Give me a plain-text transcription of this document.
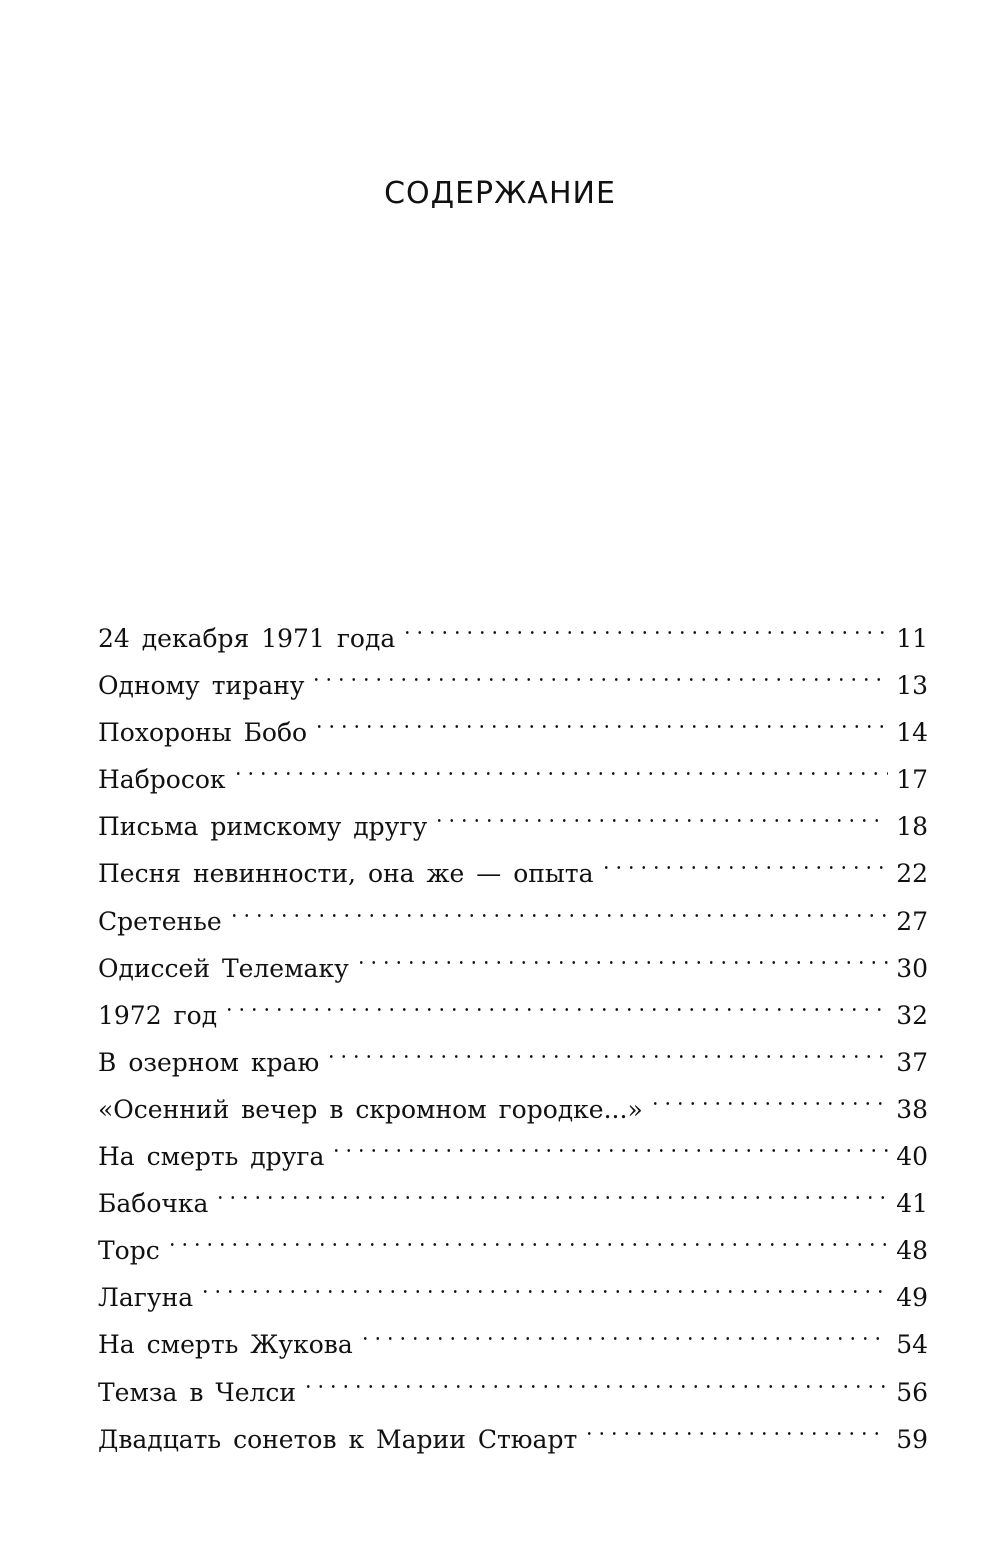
СОДЕРЖАНИЕ
24 декабря 1971 года	11
Одному тирану	13
Похороны Бобо	14
Набросок	17
Письма римскому другу	18
Песня невинности, она же — опыта	22
Сретенье	27
Одиссей Телемаку	30
1972 год	32
В озерном краю	37
«Осенний вечер в скромном городке...»	38
На смерть друга	40
Бабочка	41
Торс	48
Лагуна	49
На смерть Жукова	54
Темза в Челси	56
Двадцать сонетов к Марии Стюарт	59
